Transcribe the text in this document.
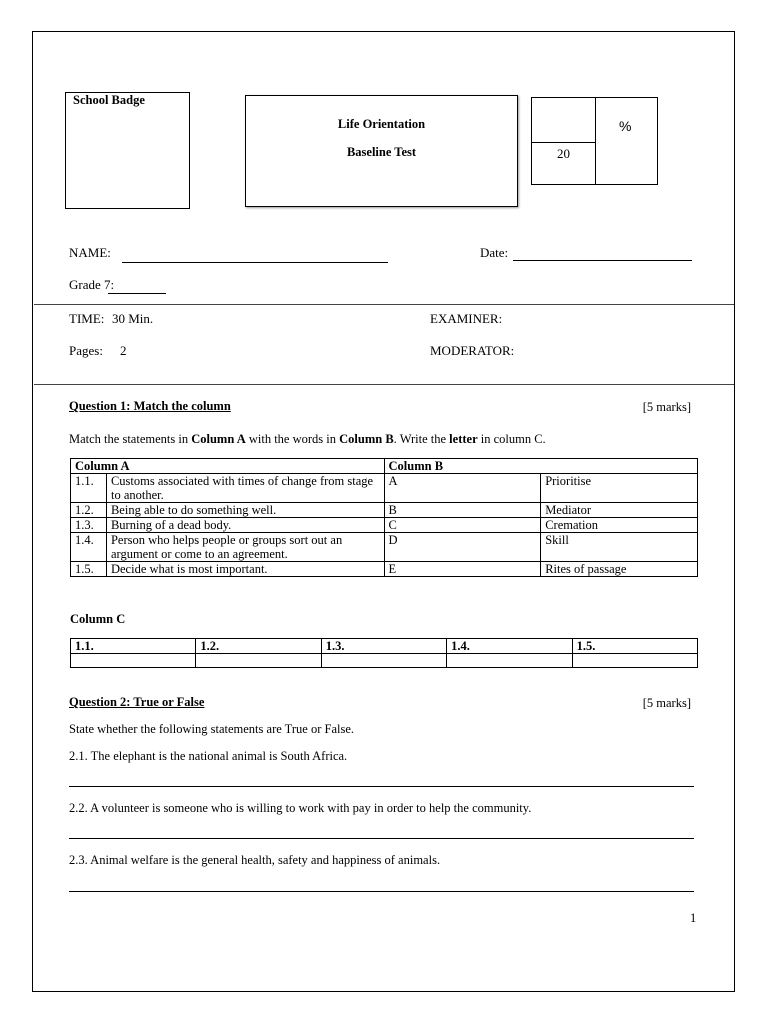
School Badge
Life Orientation
Baseline Test
%
20
NAME:	Date:
Grade 7:
TIME: 30 Min.	EXAMINER:
Pages: 2	MODERATOR:
Question 1: Match the column	[5 marks]
Match the statements in Column A with the words in Column B. Write the letter in column C.
Column A		Column B	
1.1.	Customs associated with times of change from stage to another.	A	Prioritise
1.2.	Being able to do something well.	B	Mediator
1.3.	Burning of a dead body.	C	Cremation
1.4.	Person who helps people or groups sort out an argument or come to an agreement.	D	Skill
1.5.	Decide what is most important.	E	Rites of passage
Column C
1.1.	1.2.	1.3.	1.4.	1.5.

Question 2: True or False	[5 marks]
State whether the following statements are True or False.
2.1. The elephant is the national animal is South Africa.
2.2. A volunteer is someone who is willing to work with pay in order to help the community.
2.3. Animal welfare is the general health, safety and happiness of animals.
1
